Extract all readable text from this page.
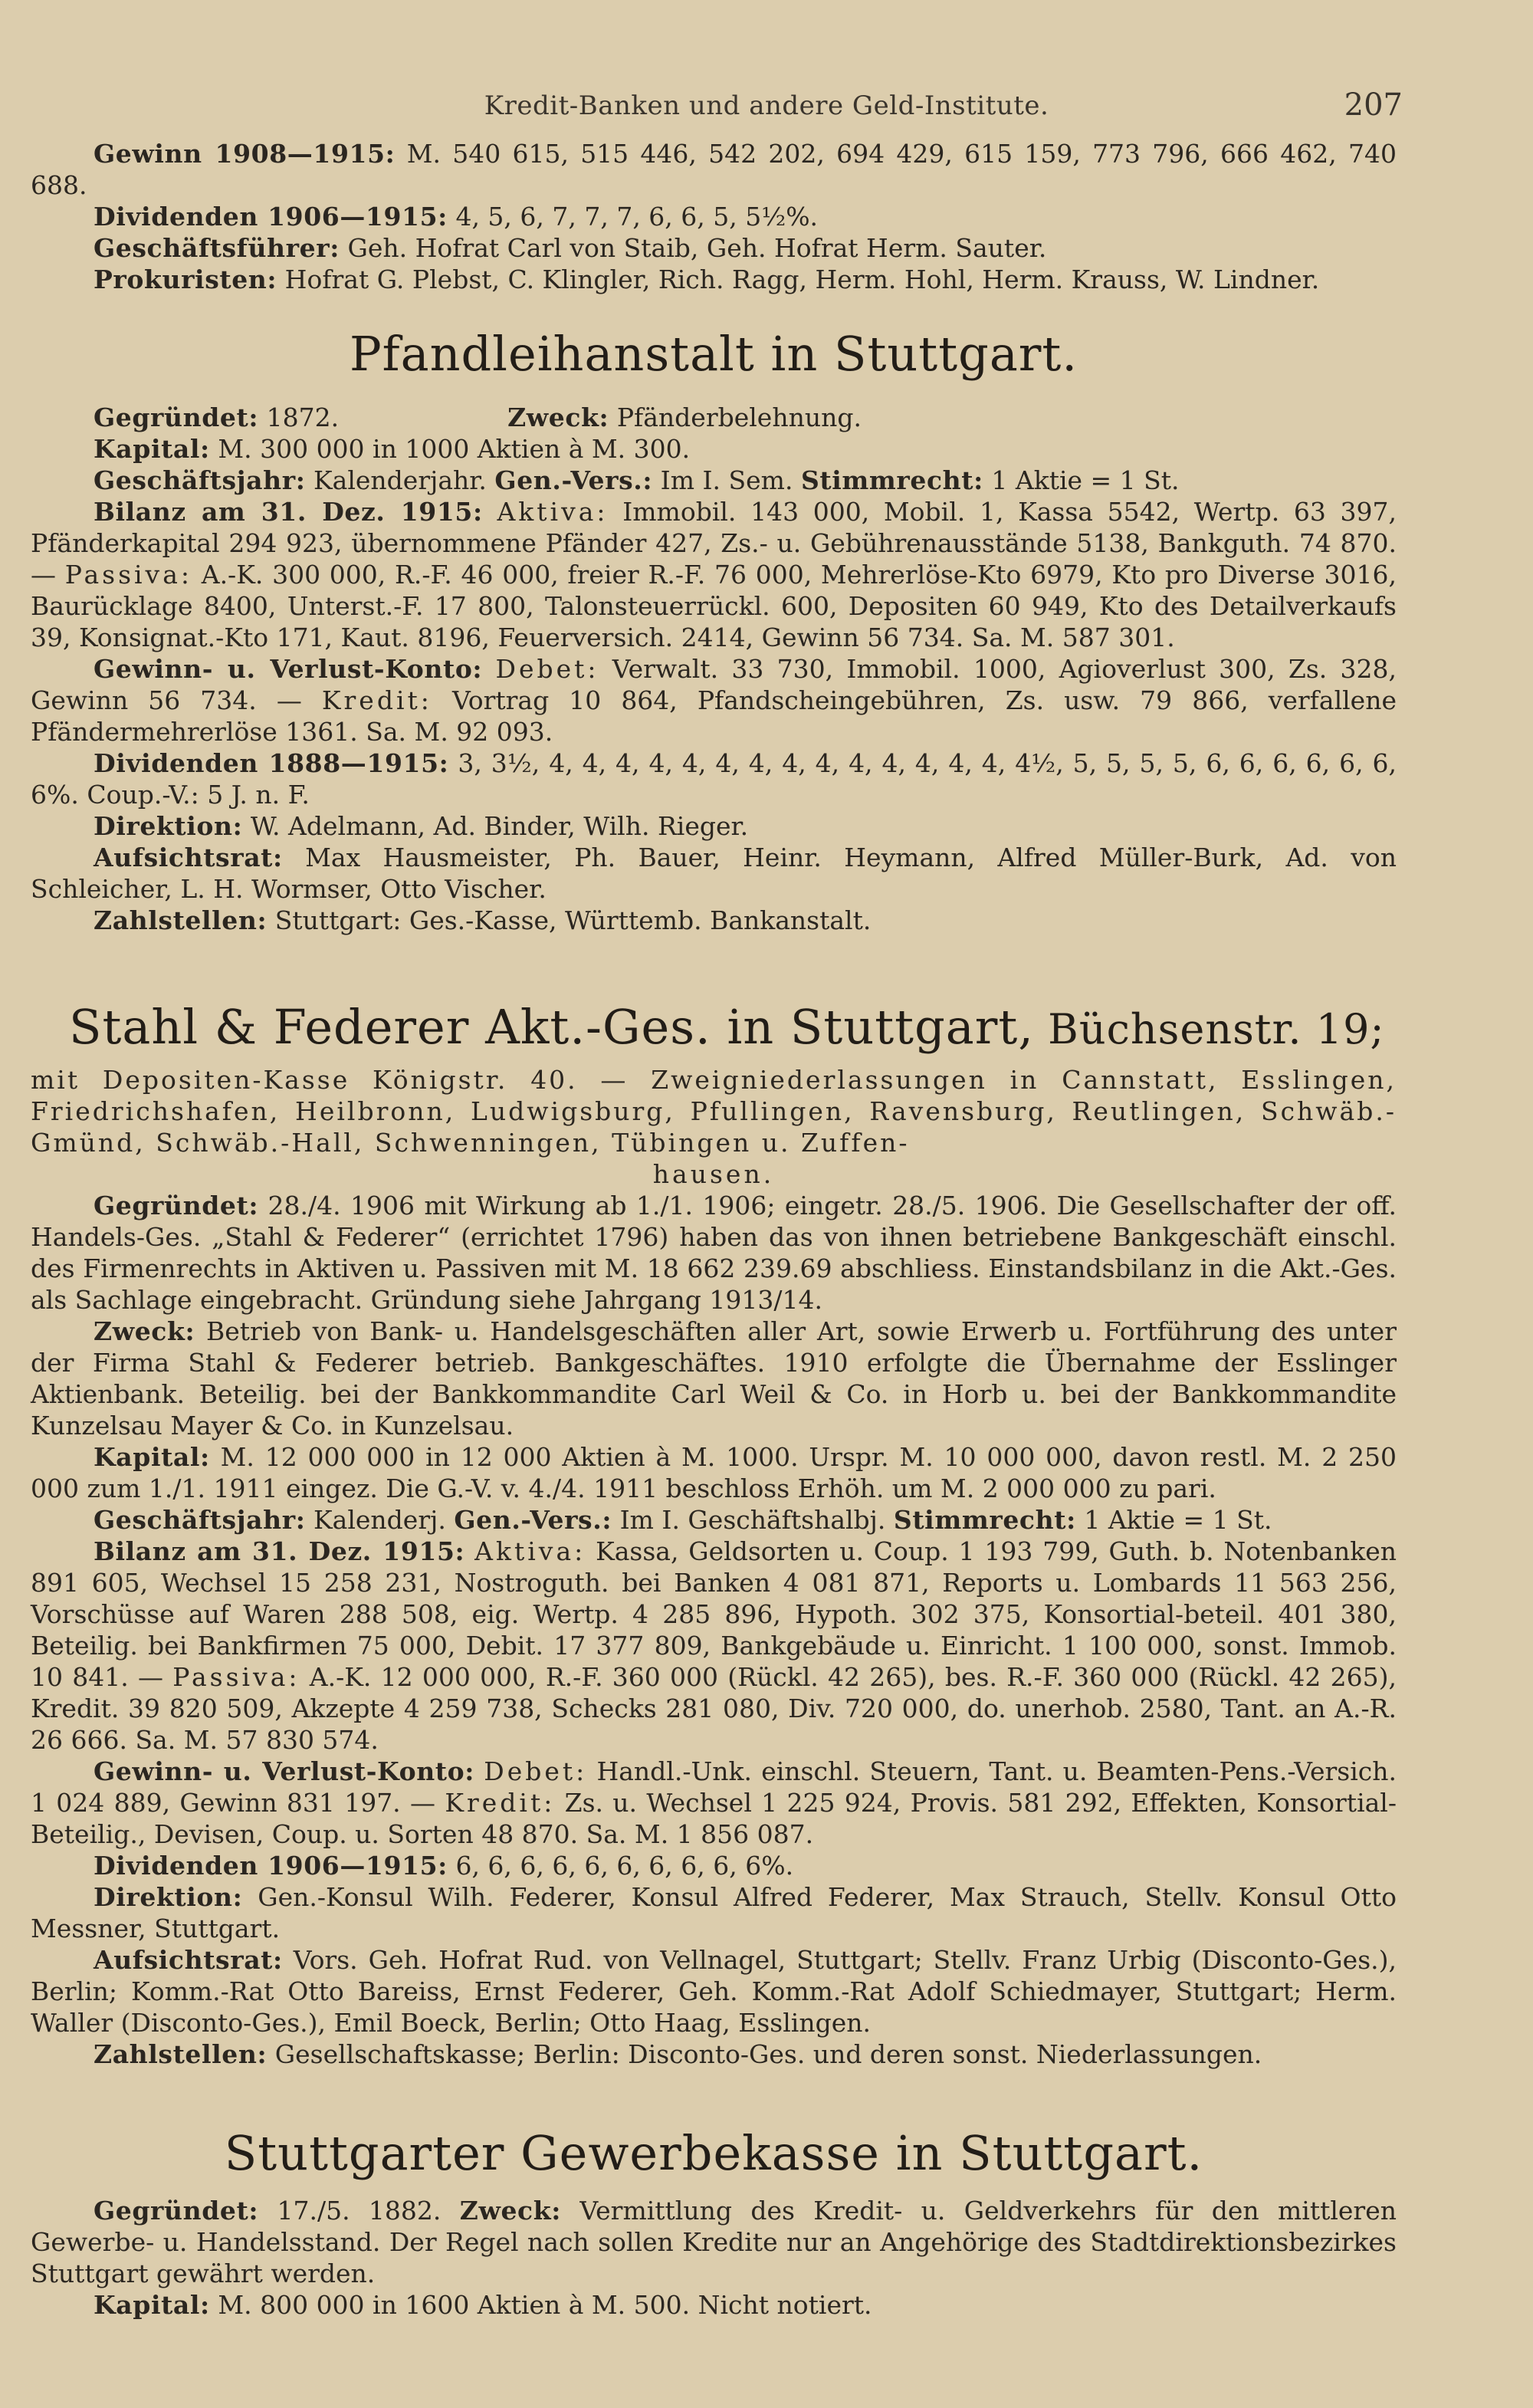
Kredit-Banken und andere Geld-Institute.	207

Gewinn 1908—1915: M. 540 615, 515 446, 542 202, 694 429, 615 159, 773 796, 666 462, 740 688.

Dividenden 1906—1915: 4, 5, 6, 7, 7, 7, 6, 6, 5, 5½%.

Geschäftsführer: Geh. Hofrat Carl von Staib, Geh. Hofrat Herm. Sauter.

Prokuristen: Hofrat G. Plebst, C. Klingler, Rich. Ragg, Herm. Hohl, Herm. Krauss, W. Lindner.

Pfandleihanstalt in Stuttgart.

Gegründet: 1872.	Zweck: Pfänderbelehnung.

Kapital: M. 300 000 in 1000 Aktien à M. 300.

Geschäftsjahr: Kalenderjahr. Gen.-Vers.: Im I. Sem. Stimmrecht: 1 Aktie = 1 St.

Bilanz am 31. Dez. 1915: Aktiva: Immobil. 143 000, Mobil. 1, Kassa 5542, Wertp. 63 397, Pfänderkapital 294 923, übernommene Pfänder 427, Zs.- u. Gebührenausstände 5138, Bankguth. 74 870. — Passiva: A.-K. 300 000, R.-F. 46 000, freier R.-F. 76 000, Mehrerlöse-Kto 6979, Kto pro Diverse 3016, Baurücklage 8400, Unterst.-F. 17 800, Talonsteuerrückl. 600, Depositen 60 949, Kto des Detailverkaufs 39, Konsignat.-Kto 171, Kaut. 8196, Feuerversich. 2414, Gewinn 56 734. Sa. M. 587 301.

Gewinn- u. Verlust-Konto: Debet: Verwalt. 33 730, Immobil. 1000, Agioverlust 300, Zs. 328, Gewinn 56 734. — Kredit: Vortrag 10 864, Pfandscheingebühren, Zs. usw. 79 866, verfallene Pfändermehrerlöse 1361. Sa. M. 92 093.

Dividenden 1888—1915: 3, 3½, 4, 4, 4, 4, 4, 4, 4, 4, 4, 4, 4, 4, 4, 4, 4½, 5, 5, 5, 5, 6, 6, 6, 6, 6, 6, 6%. Coup.-V.: 5 J. n. F.

Direktion: W. Adelmann, Ad. Binder, Wilh. Rieger.

Aufsichtsrat: Max Hausmeister, Ph. Bauer, Heinr. Heymann, Alfred Müller-Burk, Ad. von Schleicher, L. H. Wormser, Otto Vischer.

Zahlstellen: Stuttgart: Ges.-Kasse, Württemb. Bankanstalt.

Stahl & Federer Akt.-Ges. in Stuttgart, Büchsenstr. 19;

mit Depositen-Kasse Königstr. 40. — Zweigniederlassungen in Cannstatt, Esslingen, Friedrichshafen, Heilbronn, Ludwigsburg, Pfullingen, Ravensburg, Reutlingen, Schwäb.-Gmünd, Schwäb.-Hall, Schwenningen, Tübingen u. Zuffen-

hausen.

Gegründet: 28./4. 1906 mit Wirkung ab 1./1. 1906; eingetr. 28./5. 1906. Die Gesellschafter der off. Handels-Ges. „Stahl & Federer“ (errichtet 1796) haben das von ihnen betriebene Bankgeschäft einschl. des Firmenrechts in Aktiven u. Passiven mit M. 18 662 239.69 abschliess. Einstandsbilanz in die Akt.-Ges. als Sachlage eingebracht. Gründung siehe Jahrgang 1913/14.

Zweck: Betrieb von Bank- u. Handelsgeschäften aller Art, sowie Erwerb u. Fortführung des unter der Firma Stahl & Federer betrieb. Bankgeschäftes. 1910 erfolgte die Übernahme der Esslinger Aktienbank. Beteilig. bei der Bankkommandite Carl Weil & Co. in Horb u. bei der Bankkommandite Kunzelsau Mayer & Co. in Kunzelsau.

Kapital: M. 12 000 000 in 12 000 Aktien à M. 1000. Urspr. M. 10 000 000, davon restl. M. 2 250 000 zum 1./1. 1911 eingez. Die G.-V. v. 4./4. 1911 beschloss Erhöh. um M. 2 000 000 zu pari.

Geschäftsjahr: Kalenderj. Gen.-Vers.: Im I. Geschäftshalbj. Stimmrecht: 1 Aktie = 1 St.

Bilanz am 31. Dez. 1915: Aktiva: Kassa, Geldsorten u. Coup. 1 193 799, Guth. b. Notenbanken 891 605, Wechsel 15 258 231, Nostroguth. bei Banken 4 081 871, Reports u. Lombards 11 563 256, Vorschüsse auf Waren 288 508, eig. Wertp. 4 285 896, Hypoth. 302 375, Konsortial-beteil. 401 380, Beteilig. bei Bankfirmen 75 000, Debit. 17 377 809, Bankgebäude u. Einricht. 1 100 000, sonst. Immob. 10 841. — Passiva: A.-K. 12 000 000, R.-F. 360 000 (Rückl. 42 265), bes. R.-F. 360 000 (Rückl. 42 265), Kredit. 39 820 509, Akzepte 4 259 738, Schecks 281 080, Div. 720 000, do. unerhob. 2580, Tant. an A.-R. 26 666. Sa. M. 57 830 574.

Gewinn- u. Verlust-Konto: Debet: Handl.-Unk. einschl. Steuern, Tant. u. Beamten-Pens.-Versich. 1 024 889, Gewinn 831 197. — Kredit: Zs. u. Wechsel 1 225 924, Provis. 581 292, Effekten, Konsortial-Beteilig., Devisen, Coup. u. Sorten 48 870. Sa. M. 1 856 087.

Dividenden 1906—1915: 6, 6, 6, 6, 6, 6, 6, 6, 6, 6%.

Direktion: Gen.-Konsul Wilh. Federer, Konsul Alfred Federer, Max Strauch, Stellv. Konsul Otto Messner, Stuttgart.

Aufsichtsrat: Vors. Geh. Hofrat Rud. von Vellnagel, Stuttgart; Stellv. Franz Urbig (Disconto-Ges.), Berlin; Komm.-Rat Otto Bareiss, Ernst Federer, Geh. Komm.-Rat Adolf Schiedmayer, Stuttgart; Herm. Waller (Disconto-Ges.), Emil Boeck, Berlin; Otto Haag, Esslingen.

Zahlstellen: Gesellschaftskasse; Berlin: Disconto-Ges. und deren sonst. Niederlassungen.

Stuttgarter Gewerbekasse in Stuttgart.

Gegründet: 17./5. 1882. Zweck: Vermittlung des Kredit- u. Geldverkehrs für den mittleren Gewerbe- u. Handelsstand. Der Regel nach sollen Kredite nur an Angehörige des Stadtdirektionsbezirkes Stuttgart gewährt werden.

Kapital: M. 800 000 in 1600 Aktien à M. 500. Nicht notiert.
